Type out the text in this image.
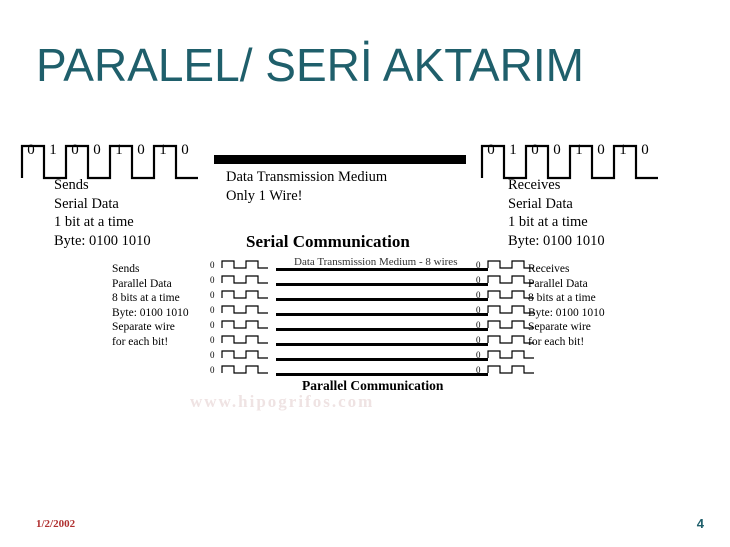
PARALEL/ SERİ AKTARIM
0 1 0 0 1 0 1 0	0 1 0 0 1 0 1 0
Sends
Serial Data
1 bit at a time
Byte: 0100 1010
Data Transmission Medium
Only 1 Wire!
Receives
Serial Data
1 bit at a time
Byte: 0100 1010
Serial Communication
Data Transmission Medium - 8 wires
0
0
0
0
0
0
0
0
0
0
0
0
0
0
0
0
Sends
Parallel Data
8 bits at a time
Byte: 0100 1010
Separate wire
for each bit!
Receives
Parallel Data
8 bits at a time
Byte: 0100 1010
Separate wire
for each bit!
Parallel Communication
www.hipogrifos.com
1/2/2002	4
